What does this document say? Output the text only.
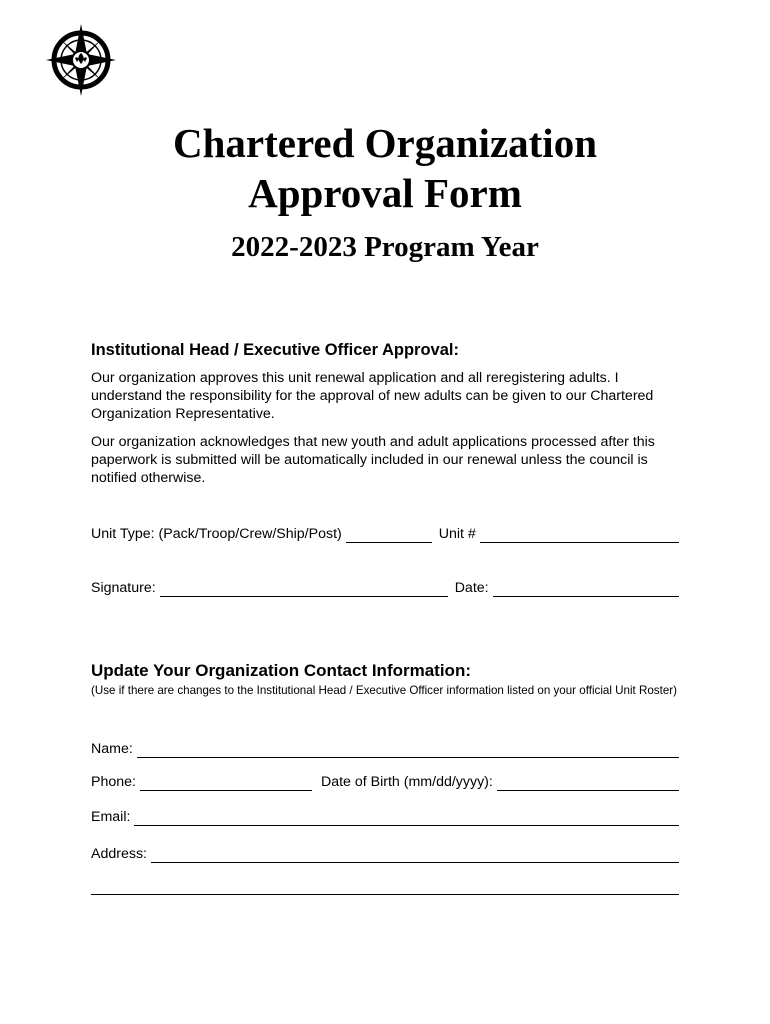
Chartered Organization
Approval Form
2022-2023 Program Year
Institutional Head / Executive Officer Approval:
Our organization approves this unit renewal application and all reregistering adults. I understand the responsibility for the approval of new adults can be given to our Chartered Organization Representative.
Our organization acknowledges that new youth and adult applications processed after this paperwork is submitted will be automatically included in our renewal unless the council is notified otherwise.
Unit Type: (Pack/Troop/Crew/Ship/Post)	Unit #
Signature:	Date:
Update Your Organization Contact Information:
(Use if there are changes to the Institutional Head / Executive Officer information listed on your official Unit Roster)
Name:
Phone:	Date of Birth (mm/dd/yyyy):
Email:
Address:
